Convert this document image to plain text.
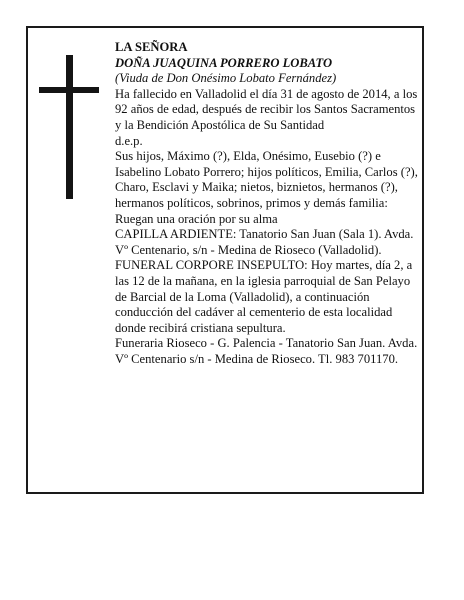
LA SEÑORA

DOÑA JUAQUINA PORRERO LOBATO

(Viuda de Don Onésimo Lobato Fernández)

Ha fallecido en Valladolid el día 31 de agosto de 2014, a los 92 años de edad, después de recibir los Santos Sacramentos y la Bendición Apostólica de Su Santidad

d.e.p.

Sus hijos, Máximo (?), Elda, Onésimo, Eusebio (?) e Isabelino Lobato Porrero; hijos políticos, Emilia, Carlos (?), Charo, Esclavi y Maika; nietos, biznietos, hermanos (?), hermanos políticos, sobrinos, primos y demás familia:

Ruegan una oración por su alma

CAPILLA ARDIENTE: Tanatorio San Juan (Sala 1). Avda. Vº Centenario, s/n - Medina de Rioseco (Valladolid).

FUNERAL CORPORE INSEPULTO: Hoy martes, día 2, a las 12 de la mañana, en la iglesia parroquial de San Pelayo de Barcial de la Loma (Valladolid), a continuación conducción del cadáver al cementerio de esta localidad donde recibirá cristiana sepultura.

Funeraria Rioseco - G. Palencia - Tanatorio San Juan. Avda. Vº Centenario s/n - Medina de Rioseco. Tl. 983 701170.
